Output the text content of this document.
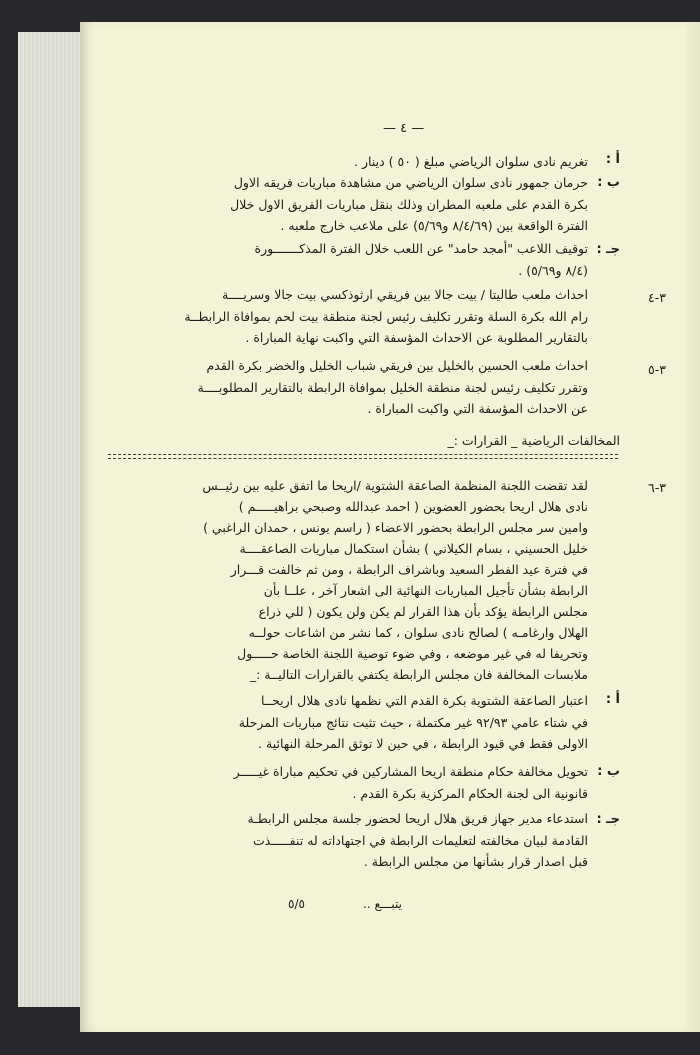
— ٤ —
أ :
تغريم نادى سلوان الرياضي مبلغ ( ٥٠ ) دينار .
ب :
حرمان جمهور نادى سلوان الرياضي من مشاهدة مباريات فريقه الاول
بكرة القدم على ملعبه المطران وذلك بنقل مباريات الفريق الاول خلال
الفترة الواقعة بين (٨/٤/٦٩ و٥/٦٩) على ملاعب خارج ملعبه .
جـ :
توقيف اللاعب "أمجد حامد" عن اللعب خلال الفترة المذكـــــــورة
(٨/٤ و٥/٦٩) .
٣-٤
احداث ملعب طاليتا / بيت جالا بين فريقي ارثوذكسي بيت جالا وسريــــة
رام الله بكرة السلة وتقرر تكليف رئيس لجنة منطقة بيت لحم بموافاة الرابطــة
بالتقارير المطلوبة عن الاحداث المؤسفة التي واكبت نهاية المباراة .
٣-٥
احداث ملعب الحسين بالخليل بين فريقي شباب الخليل والخضر بكرة القدم
وتقرر تكليف رئيس لجنة منطقة الخليل بموافاة الرابطة بالتقارير المطلوبــــة
عن الاحداث المؤسفة التي واكبت المباراة .
المخالفات الرياضية _ القرارات :_
٣-٦
لقد تقضت اللجنة المنظمة الصاعقة الشتوية /اريحا ما اتفق عليه بين رئيــس
نادى هلال اريحا بحضور العضوين ( احمد عبدالله وصبحي براهيـــــم )
وامين سر مجلس الرابطة بحضور الاعضاء ( راسم يونس ، حمدان الراغبي )
خليل الحسيني ، بسام الكيلاني ) بشأن استكمال مباريات الصاعقــــة
في فترة عيد الفطر السعيد وباشراف الرابطة ، ومن ثم خالفت قـــرار
الرابطة بشأن تأجيل المباريات النهائية الى اشعار آخر ، علــا بأن
مجلس الرابطة يؤكد بأن هذا القرار لم يكن ولن يكون ( للي ذراع
الهلال وارغامـه ) لصالح نادى سلوان ، كما نشر من اشاعات حولــه
وتحريفا له في غير موضعه ، وفي ضوء توصية اللجنة الخاصة حـــــول
ملابسات المخالفة فان مجلس الرابطة يكتفي بالقرارات التاليــة :_
أ :
اعتبار الصاعقة الشتوية بكرة القدم التي نظمها نادى هلال اريحــا
في شتاء عامي ٩٢/٩٣ غير مكتملة ، حيث تثبت نتائج مباريات المرحلة
الاولى فقط في قيود الرابطة ، في حين لا توثق المرحلة النهائية .
ب :
تحويل مخالفة حكام منطقة اريحا المشاركين في تحكيم مباراة غيـــــر
قانونية الى لجنة الحكام المركزية بكرة القدم .
جـ :
استدعاء مدير جهاز فريق هلال اريحا لحضور جلسة مجلس الرابطـة
القادمة لبيان مخالفته لتعليمات الرابطة في اجتهاداته له تنفـــــذت
قبل اصدار قرار بشأنها من مجلس الرابطة .
يتبـــع ..
٥/٥
